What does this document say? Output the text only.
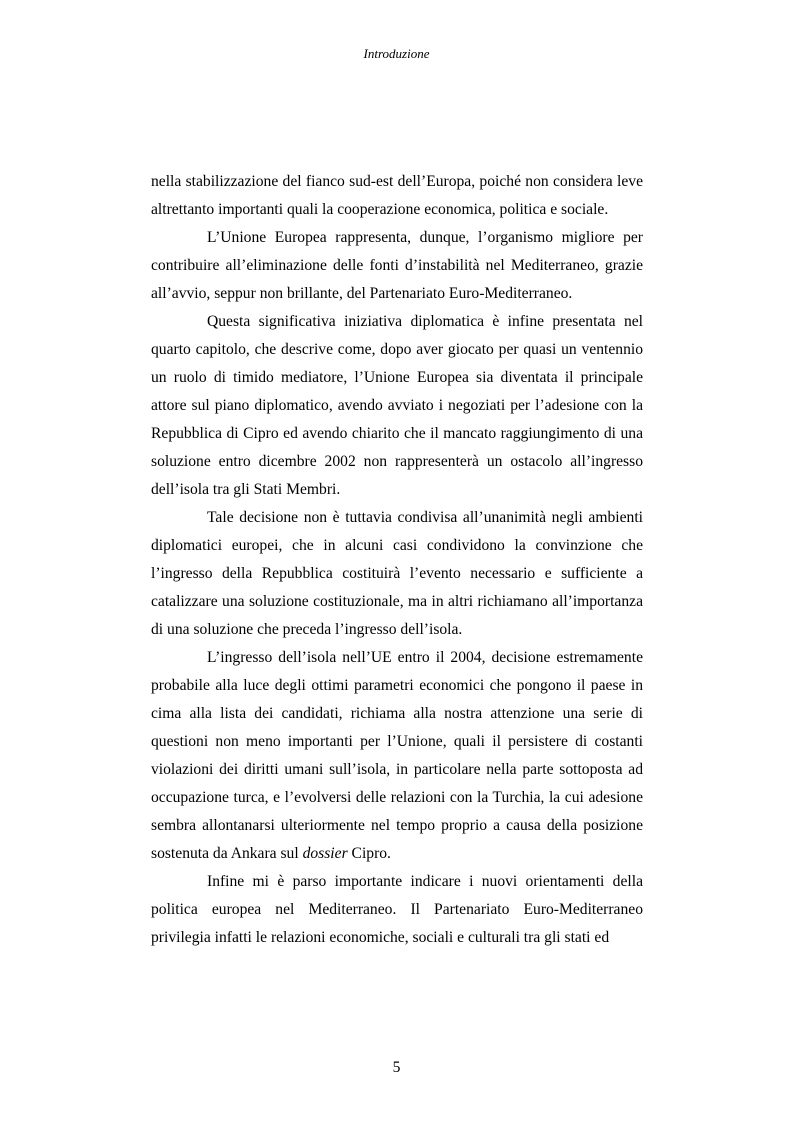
Introduzione

nella stabilizzazione del fianco sud-est dell’Europa, poiché non considera leve altrettanto importanti quali la cooperazione economica, politica e sociale.

L’Unione Europea rappresenta, dunque, l’organismo migliore per contribuire all’eliminazione delle fonti d’instabilità nel Mediterraneo, grazie all’avvio, seppur non brillante, del Partenariato Euro-Mediterraneo.

Questa significativa iniziativa diplomatica è infine presentata nel quarto capitolo, che descrive come, dopo aver giocato per quasi un ventennio un ruolo di timido mediatore, l’Unione Europea sia diventata il principale attore sul piano diplomatico, avendo avviato i negoziati per l’adesione con la Repubblica di Cipro ed avendo chiarito che il mancato raggiungimento di una soluzione entro dicembre 2002 non rappresenterà un ostacolo all’ingresso dell’isola tra gli Stati Membri.

Tale decisione non è tuttavia condivisa all’unanimità negli ambienti diplomatici europei, che in alcuni casi condividono la convinzione che l’ingresso della Repubblica costituirà l’evento necessario e sufficiente a catalizzare una soluzione costituzionale, ma in altri richiamano all’importanza di una soluzione che preceda l’ingresso dell’isola.

L’ingresso dell’isola nell’UE entro il 2004, decisione estremamente probabile alla luce degli ottimi parametri economici che pongono il paese in cima alla lista dei candidati, richiama alla nostra attenzione una serie di questioni non meno importanti per l’Unione, quali il persistere di costanti violazioni dei diritti umani sull’isola, in particolare nella parte sottoposta ad occupazione turca, e l’evolversi delle relazioni con la Turchia, la cui adesione sembra allontanarsi ulteriormente nel tempo proprio a causa della posizione sostenuta da Ankara sul dossier Cipro.

Infine mi è parso importante indicare i nuovi orientamenti della politica europea nel Mediterraneo. Il Partenariato Euro-Mediterraneo privilegia infatti le relazioni economiche, sociali e culturali tra gli stati ed

5
